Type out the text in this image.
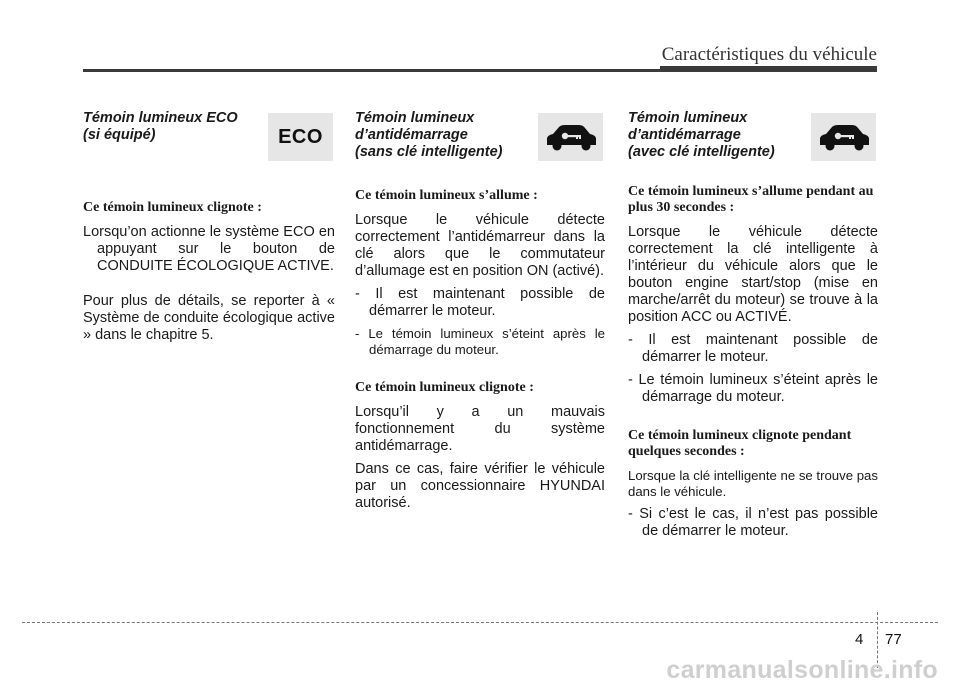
Caractéristiques du véhicule
Témoin lumineux ECO
(si équipé)	ECO
Ce témoin lumineux clignote :
Lorsqu’on actionne le système ECO en appuyant sur le bouton de CONDUITE ÉCOLOGIQUE ACTIVE.

Pour plus de détails, se reporter à « Système de conduite écologique active » dans le chapitre 5.

Témoin lumineux
d’antidémarrage
(sans clé intelligente)
Ce témoin lumineux s’allume :

Lorsque le véhicule détecte correctement l’antidémarreur dans la clé alors que le commutateur d’allumage est en position ON (activé).

- Il est maintenant possible de démarrer le moteur.
- Le témoin lumineux s’éteint après le démarrage du moteur.
Ce témoin lumineux clignote :

Lorsqu’il y a un mauvais fonctionnement du système antidémarrage.

Dans ce cas, faire vérifier le véhicule par un concessionnaire HYUNDAI autorisé.

Témoin lumineux
d’antidémarrage
(avec clé intelligente)
Ce témoin lumineux s’allume pendant au plus 30 secondes :

Lorsque le véhicule détecte correctement la clé intelligente à l’intérieur du véhicule alors que le bouton engine start/stop (mise en marche/arrêt du moteur) se trouve à la position ACC ou ACTIVÉ.

- Il est maintenant possible de démarrer le moteur.
- Le témoin lumineux s’éteint après le démarrage du moteur.
Ce témoin lumineux clignote pendant quelques secondes :

Lorsque la clé intelligente ne se trouve pas dans le véhicule.

- Si c’est le cas, il n’est pas possible de démarrer le moteur.
4 77
carmanualsonline.info
